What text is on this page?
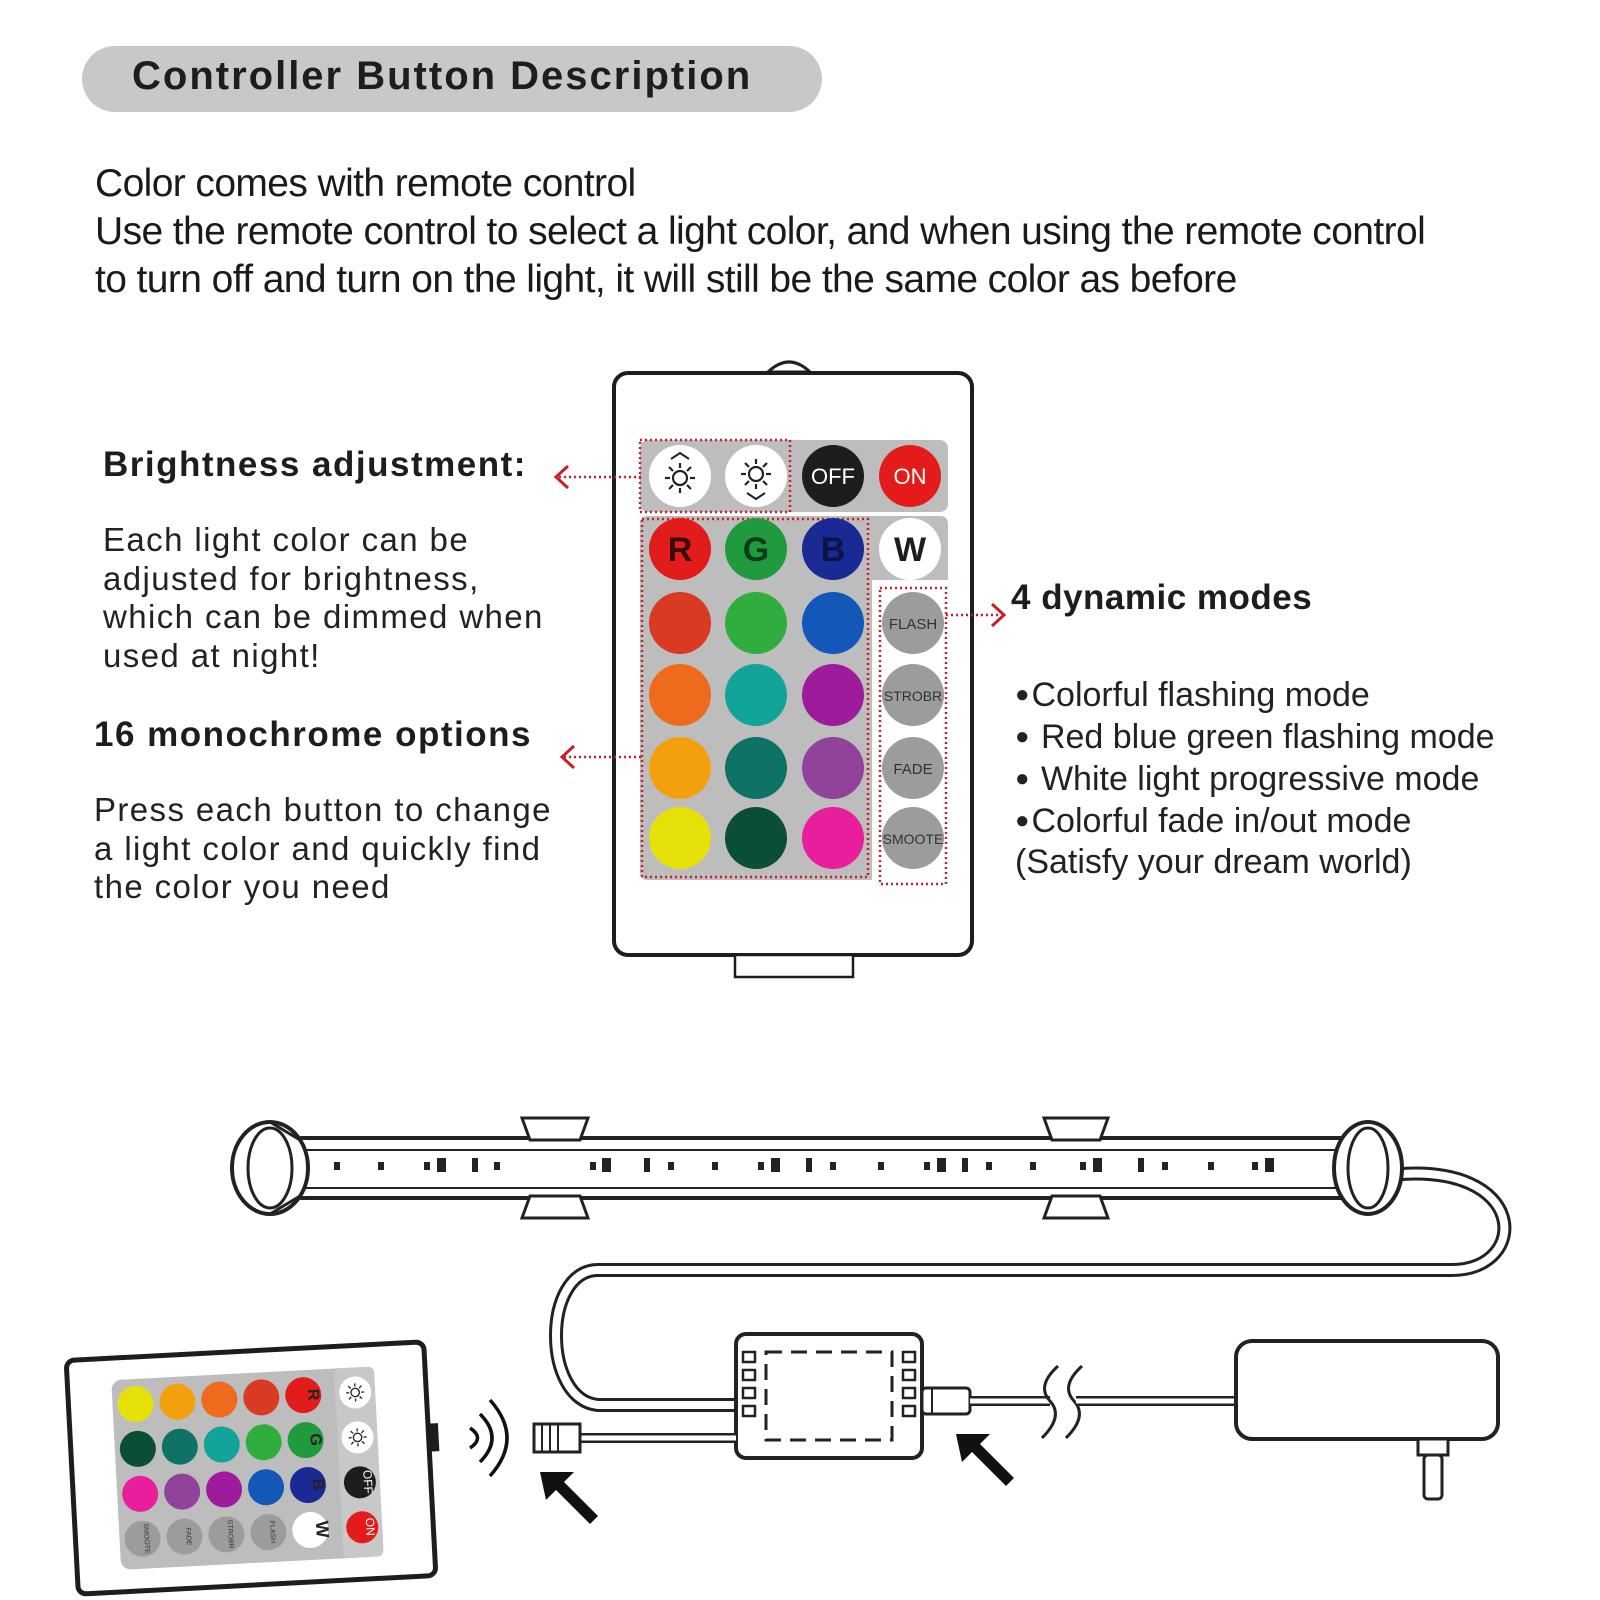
Controller Button Description
Color comes with remote control
Use the remote control to select a light color, and when using the remote control
to turn off and turn on the light, it will still be the same color as before
Brightness adjustment:
Each light color can be
adjusted for brightness,
which can be dimmed when
used at night!
16 monochrome options
Press each button to change
a light color and quickly find
the color you need
4 dynamic modes
●Colorful flashing mode
● Red blue green flashing mode
● White light progressive mode
●Colorful fade in/out mode
(Satisfy your dream world)
OFF ON
R G B W
FLASH
STROBR
FADE
SMOOTE
R
G
B
SMOOTE	FADE	STROBR	FLASH W
OFF
ON
